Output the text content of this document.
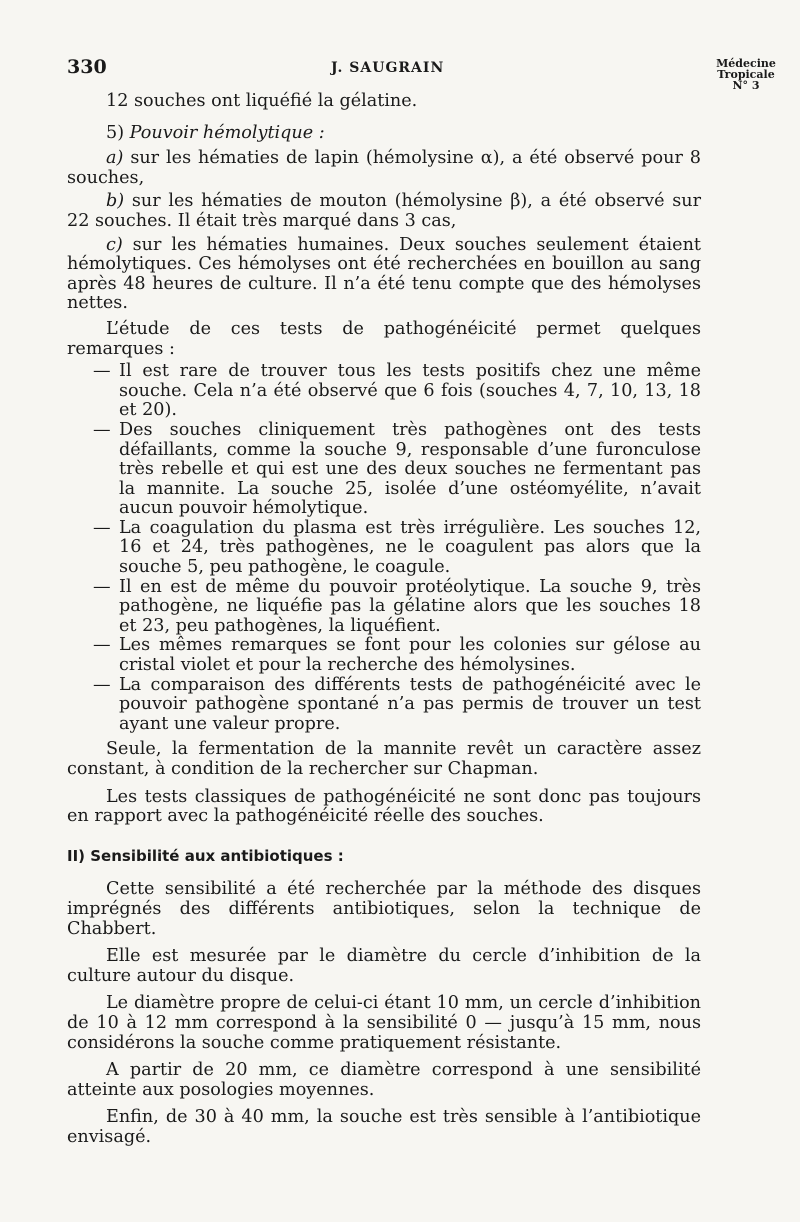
330	J. SAUGRAIN	Médecine
Tropicale
N° 3

12 souches ont liquéfié la gélatine.

5) Pouvoir hémolytique :

a) sur les hématies de lapin (hémolysine α), a été observé pour 8 souches,

b) sur les hématies de mouton (hémolysine β), a été observé sur 22 souches. Il était très marqué dans 3 cas,

c) sur les hématies humaines. Deux souches seulement étaient hémolytiques. Ces hémolyses ont été recherchées en bouillon au sang après 48 heures de culture. Il n’a été tenu compte que des hémolyses nettes.

L’étude de ces tests de pathogénéicité permet quelques remarques :

— Il est rare de trouver tous les tests positifs chez une même souche. Cela n’a été observé que 6 fois (souches 4, 7, 10, 13, 18 et 20).
— Des souches cliniquement très pathogènes ont des tests défaillants, comme la souche 9, responsable d’une furonculose très rebelle et qui est une des deux souches ne fermentant pas la mannite. La souche 25, isolée d’une ostéomyélite, n’avait aucun pouvoir hémolytique.
— La coagulation du plasma est très irrégulière. Les souches 12, 16 et 24, très pathogènes, ne le coagulent pas alors que la souche 5, peu pathogène, le coagule.
— Il en est de même du pouvoir protéolytique. La souche 9, très pathogène, ne liquéfie pas la gélatine alors que les souches 18 et 23, peu pathogènes, la liquéfient.
— Les mêmes remarques se font pour les colonies sur gélose au cristal violet et pour la recherche des hémolysines.
— La comparaison des différents tests de pathogénéicité avec le pouvoir pathogène spontané n’a pas permis de trouver un test ayant une valeur propre.

Seule, la fermentation de la mannite revêt un caractère assez constant, à condition de la rechercher sur Chapman.

Les tests classiques de pathogénéicité ne sont donc pas toujours en rapport avec la pathogénéicité réelle des souches.

II) Sensibilité aux antibiotiques :

Cette sensibilité a été recherchée par la méthode des disques imprégnés des différents antibiotiques, selon la technique de Chabbert.

Elle est mesurée par le diamètre du cercle d’inhibition de la culture autour du disque.

Le diamètre propre de celui-ci étant 10 mm, un cercle d’inhibition de 10 à 12 mm correspond à la sensibilité 0 — jusqu’à 15 mm, nous considérons la souche comme pratiquement résistante.

A partir de 20 mm, ce diamètre correspond à une sensibilité atteinte aux posologies moyennes.

Enfin, de 30 à 40 mm, la souche est très sensible à l’antibiotique envisagé.
